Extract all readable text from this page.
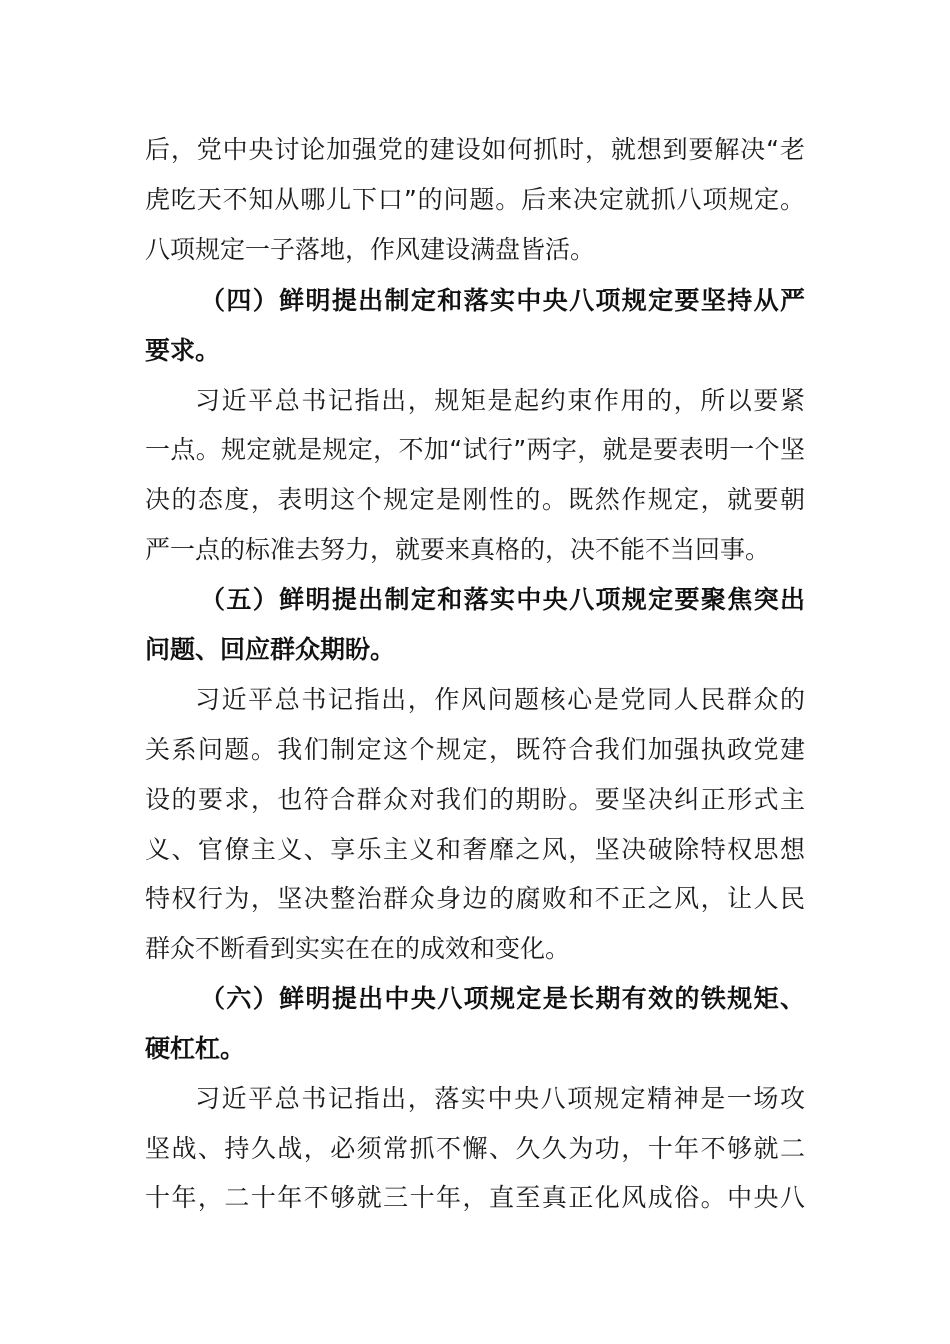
后，党中央讨论加强党的建设如何抓时，就想到要解决“老
虎吃天不知从哪儿下口”的问题。后来决定就抓八项规定。
八项规定一子落地，作风建设满盘皆活。
（四）鲜明提出制定和落实中央八项规定要坚持从严
要求。
习近平总书记指出，规矩是起约束作用的，所以要紧
一点。规定就是规定，不加“试行”两字，就是要表明一个坚
决的态度，表明这个规定是刚性的。既然作规定，就要朝
严一点的标准去努力，就要来真格的，决不能不当回事。
（五）鲜明提出制定和落实中央八项规定要聚焦突出
问题、回应群众期盼。
习近平总书记指出，作风问题核心是党同人民群众的
关系问题。我们制定这个规定，既符合我们加强执政党建
设的要求，也符合群众对我们的期盼。要坚决纠正形式主
义、官僚主义、享乐主义和奢靡之风，坚决破除特权思想
特权行为，坚决整治群众身边的腐败和不正之风，让人民
群众不断看到实实在在的成效和变化。
（六）鲜明提出中央八项规定是长期有效的铁规矩、
硬杠杠。
习近平总书记指出，落实中央八项规定精神是一场攻
坚战、持久战，必须常抓不懈、久久为功，十年不够就二
十年，二十年不够就三十年，直至真正化风成俗。中央八
